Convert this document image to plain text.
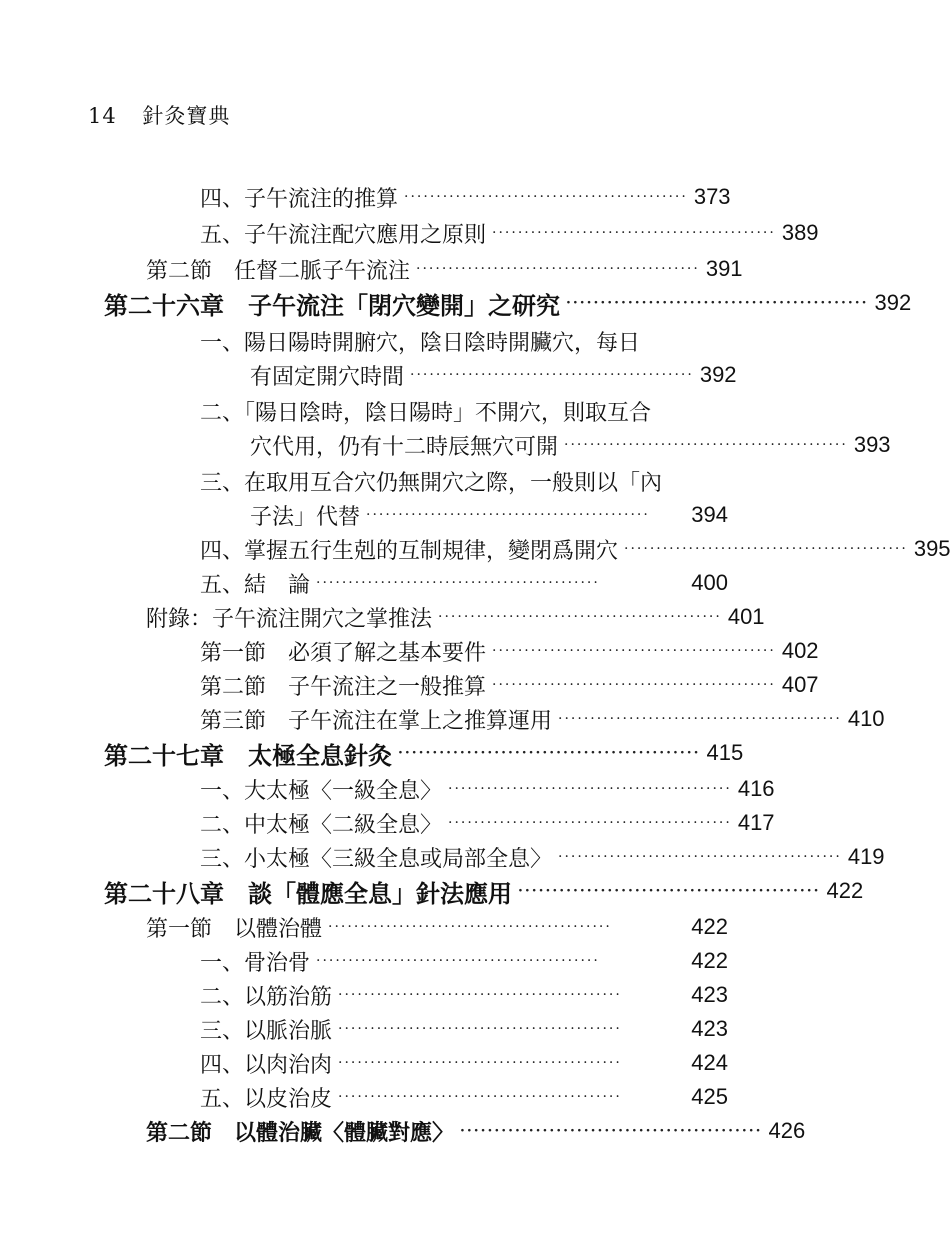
14 針灸寶典
四、子午流注的推算 ············································ 373
五、子午流注配穴應用之原則 ············································ 389
第二節　任督二脈子午流注 ············································ 391
第二十六章　子午流注「閉穴變開」之研究 ············································ 392
一、陽日陽時開腑穴，陰日陰時開臟穴，每日
有固定開穴時間 ············································ 392
二、「陽日陰時，陰日陽時」不開穴，則取互合
穴代用，仍有十二時辰無穴可開 ············································ 393
三、在取用互合穴仍無開穴之際，一般則以「內
子法」代替 ············································	394
四、掌握五行生剋的互制規律，變閉爲開穴 ············································ 395
五、結　論 ············································	400
附錄：子午流注開穴之掌推法 ············································ 401
第一節　必須了解之基本要件 ············································ 402
第二節　子午流注之一般推算 ············································ 407
第三節　子午流注在掌上之推算運用 ············································ 410
第二十七章　太極全息針灸 ············································ 415
一、大太極〈一級全息〉 ············································ 416
二、中太極〈二級全息〉 ············································ 417
三、小太極〈三級全息或局部全息〉 ············································ 419
第二十八章　談「體應全息」針法應用 ············································ 422
第一節　以體治體 ············································	422
一、骨治骨 ············································	422
二、以筋治筋 ············································	423
三、以脈治脈 ············································	423
四、以肉治肉 ············································	424
五、以皮治皮 ············································	425
第二節　以體治臟〈體臟對應〉 ············································ 426
